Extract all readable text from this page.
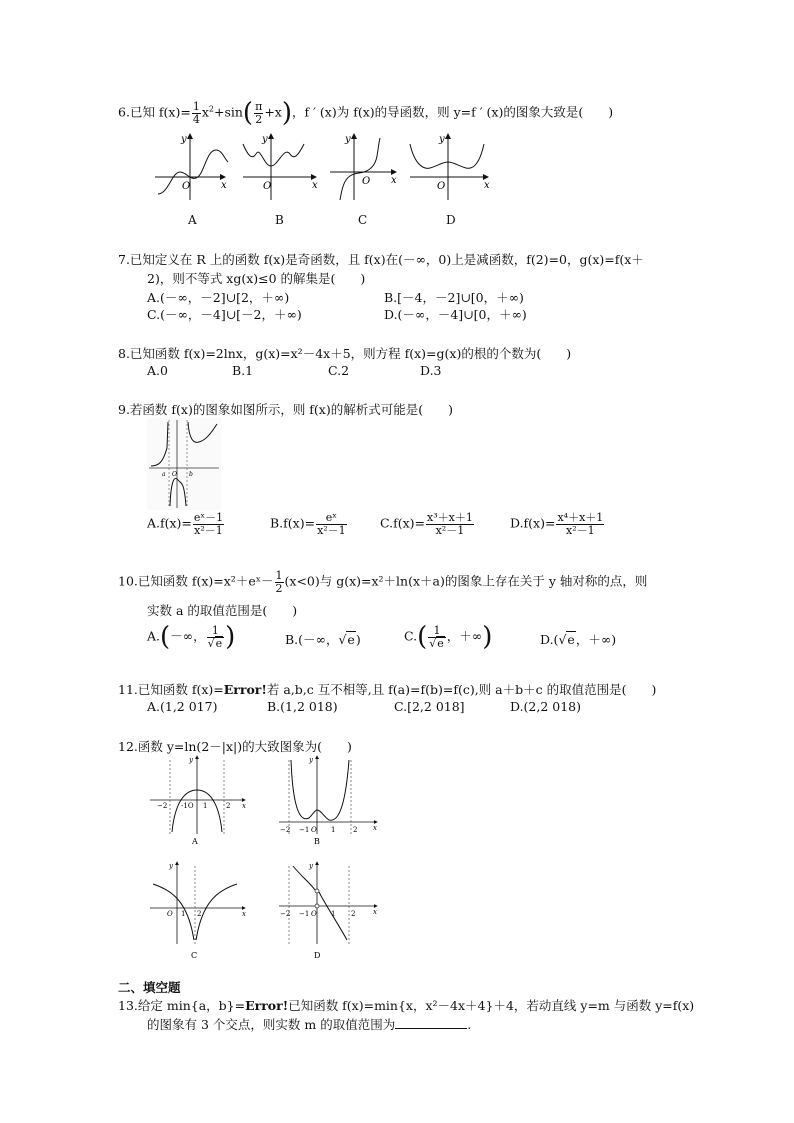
6.已知 $f(x)= \frac{1}{4} x^2+\sin( \frac{\pi}{2} +x)$，f ′ (x)为 f(x)的导函数，则 y=f ′ (x)的图象大致是(　　)
y
x
O
y
x
O
y
x
O
y
x
O
A	B	C	D
7.已知定义在 R 上的函数 f(x)是奇函数，且 f(x)在(－∞，0)上是减函数，f(2)=0，g(x)=f(x＋
2)，则不等式 xg(x)≤0 的解集是(　　)
A.(－∞，－2]∪[2，＋∞)	B.[－4，－2]∪[0，＋∞)
C.(－∞，－4]∪[－2，＋∞)	D.(－∞，－4]∪[0，＋∞)
8.已知函数 f(x)=2lnx，g(x)=x²－4x＋5，则方程 f(x)=g(x)的根的个数为(　　)
A.0	B.1	C.2	D.3
9.若函数 f(x)的图象如图所示，则 f(x)的解析式可能是(　　)
a O b
$A.f(x)= \frac{\text{eˣ－1}}{\text{x²－1}}$	$B.f(x)= \frac{\text{eˣ}}{\text{x²－1}}$	$C.f(x)= \frac{\text{x³＋x＋1}}{\text{x²－1}}$	$D.f(x)= \frac{\text{x⁴＋x＋1}}{\text{x²－1}}$
10.已知函数 f(x)=x²＋eˣ－ $\frac{1}{2} (x<0)$与 g(x)=x²＋ln(x＋a)的图象上存在关于 y 轴对称的点，则
实数 a 的取值范围是(　　)
A.(－∞， $\frac{1}{√e}$ )	B.(－∞，√e)	$C.( \frac{1}{√e}$ ，＋∞)	D.(√e，＋∞)
11.已知函数 f(x)=Error!若 a,b,c 互不相等,且 f(a)=f(b)=f(c),则 a＋b＋c 的取值范围是(　　)
A.(1,2 017)	B.(1,2 018)	C.[2,2 018]	D.(2,2 018)
12.函数 y=ln(2－|x|)的大致图象为(　　)
y
x
−2 -1O 1	2
A
y
x
−2 −1 O 1	2
B
y
x
O 1 2
C
y
x
−2 −1 O 1 2
D
二、填空题
13.给定 min{a，b}=Error!已知函数 f(x)=min{x，x²－4x＋4}＋4，若动直线 y=m 与函数 y=f(x)
的图象有 3 个交点，则实数 m 的取值范围为	.
